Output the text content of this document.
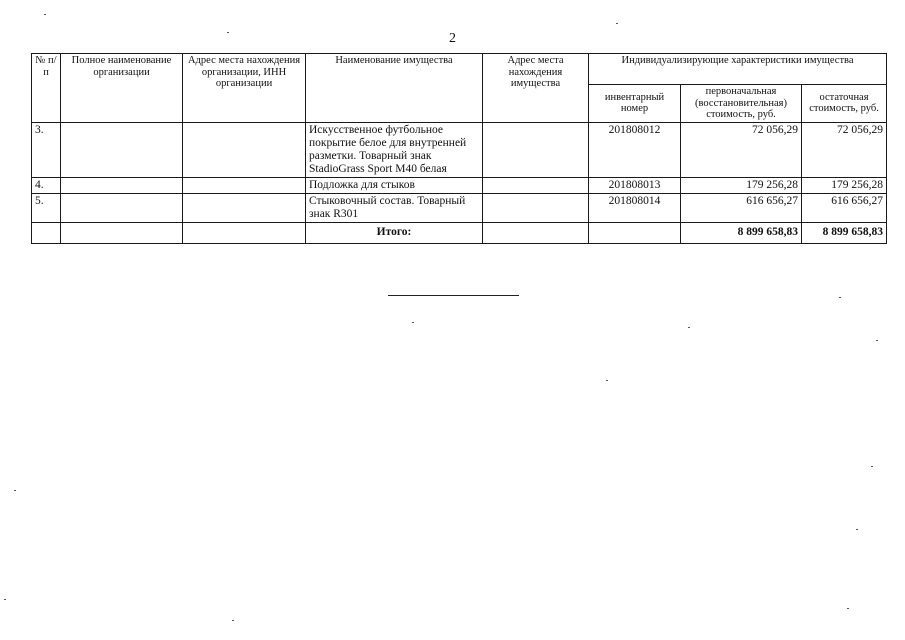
2
№ п/п	Полное наименование организации	Адрес места нахождения организации, ИНН организации	Наименование имущества	Адрес места нахождения имущества	Индивидуализирующие характеристики имущества		
					инвентарный номер	первоначальная (восстановительная) стоимость, руб.	остаточная стоимость, руб.
3.			Искусственное футбольное покрытие белое для внутренней разметки. Товарный знак StadioGrass Sport M40 белая		201808012	72 056,29	72 056,29
4.			Подложка для стыков		201808013	179 256,28	179 256,28
5.			Стыковочный состав. Товарный знак R301		201808014	616 656,27	616 656,27
			Итого:			8 899 658,83	8 899 658,83
